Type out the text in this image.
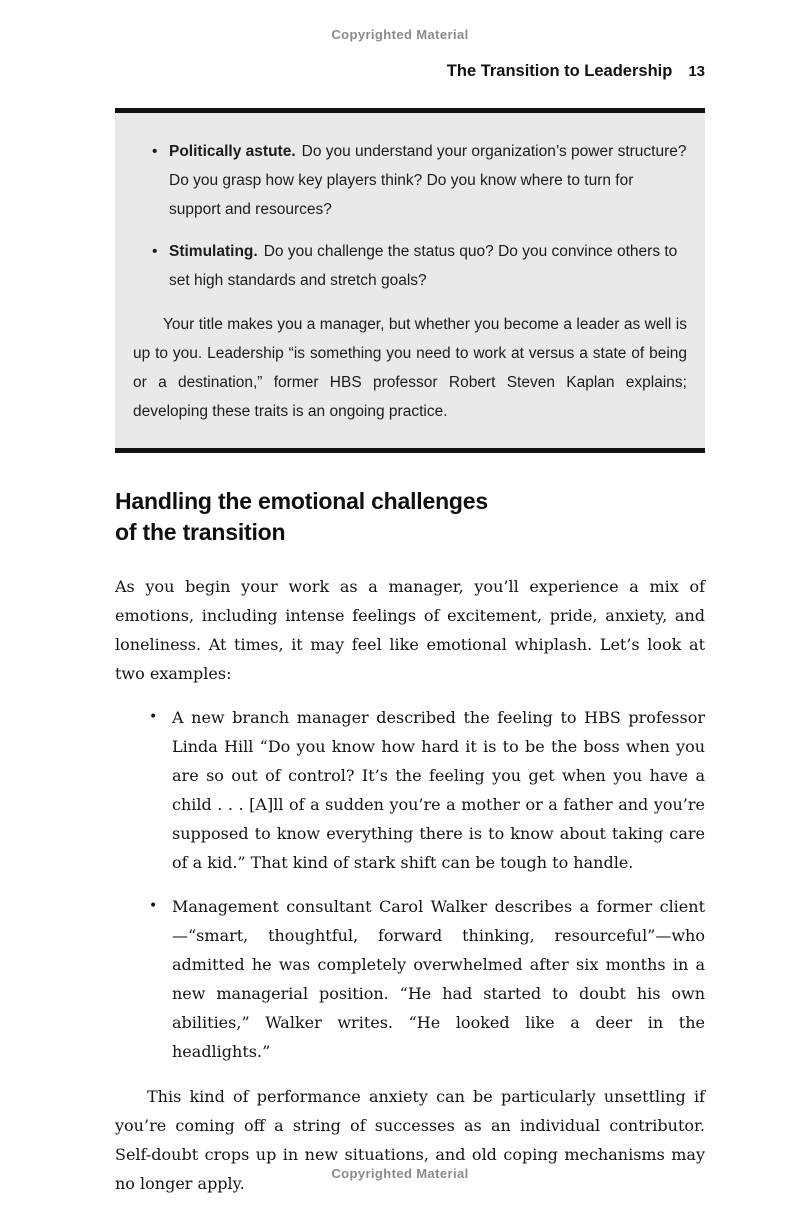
Copyrighted Material
The Transition to Leadership 13

• Politically astute. Do you understand your organization’s power structure? Do you grasp how key players think? Do you know where to turn for support and resources?

• Stimulating. Do you challenge the status quo? Do you convince others to set high standards and stretch goals?

Your title makes you a manager, but whether you become a leader as well is up to you. Leadership “is something you need to work at versus a state of being or a destination,” former HBS professor Robert Steven Kaplan explains; developing these traits is an ongoing practice.

Handling the emotional challenges
of the transition

As you begin your work as a manager, you’ll experience a mix of emotions, including intense feelings of excitement, pride, anxiety, and loneliness. At times, it may feel like emotional whiplash. Let’s look at two examples:

• A new branch manager described the feeling to HBS professor Linda Hill “Do you know how hard it is to be the boss when you are so out of control? It’s the feeling you get when you have a child . . . [A]ll of a sudden you’re a mother or a father and you’re supposed to know everything there is to know about taking care of a kid.” That kind of stark shift can be tough to handle.
• Management consultant Carol Walker describes a former client—“smart, thoughtful, forward thinking, resourceful”—who admitted he was completely overwhelmed after six months in a new managerial position. “He had started to doubt his own abilities,” Walker writes. “He looked like a deer in the headlights.”

This kind of performance anxiety can be particularly unsettling if you’re coming off a string of successes as an individual contributor. Self-doubt crops up in new situations, and old coping mechanisms may no longer apply.

Copyrighted Material
